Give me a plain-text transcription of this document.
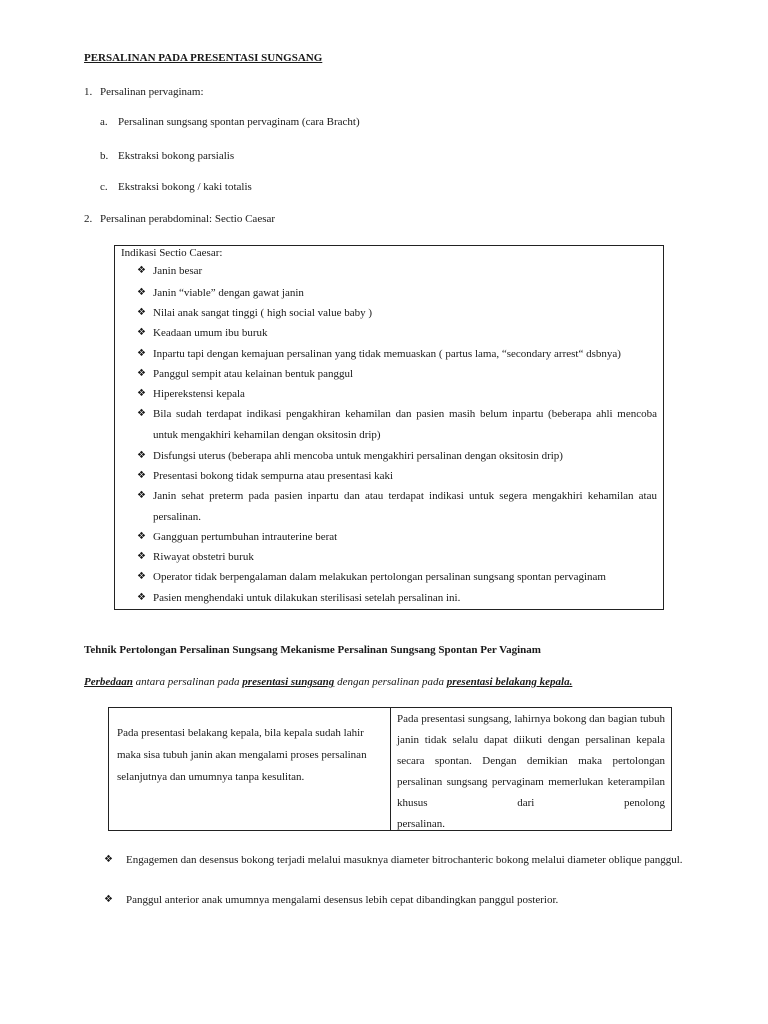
PERSALINAN PADA PRESENTASI SUNGSANG
1. Persalinan pervaginam:
a. Persalinan sungsang spontan pervaginam (cara Bracht)
b. Ekstraksi bokong parsialis
c. Ekstraksi bokong / kaki totalis
2. Persalinan perabdominal: Sectio Caesar
Indikasi Sectio Caesar:
❖ Janin besar
❖ Janin “viable” dengan gawat janin
❖ Nilai anak sangat tinggi ( high social value baby )
❖ Keadaan umum ibu buruk
❖ Inpartu tapi dengan kemajuan persalinan yang tidak memuaskan ( partus lama, “secondary arrest“ dsbnya)
❖ Panggul sempit atau kelainan bentuk panggul
❖ Hiperekstensi kepala
❖ Bila sudah terdapat indikasi pengakhiran kehamilan dan pasien masih belum inpartu (beberapa ahli mencoba untuk mengakhiri kehamilan dengan oksitosin drip)
❖ Disfungsi uterus (beberapa ahli mencoba untuk mengakhiri persalinan dengan oksitosin drip)
❖ Presentasi bokong tidak sempurna atau presentasi kaki
❖ Janin sehat preterm pada pasien inpartu dan atau terdapat indikasi untuk segera mengakhiri kehamilan atau persalinan.
❖ Gangguan pertumbuhan intrauterine berat
❖ Riwayat obstetri buruk
❖ Operator tidak berpengalaman dalam melakukan pertolongan persalinan sungsang spontan pervaginam
❖ Pasien menghendaki untuk dilakukan sterilisasi setelah persalinan ini.
Tehnik Pertolongan Persalinan Sungsang Mekanisme Persalinan Sungsang Spontan Per Vaginam
Perbedaan antara persalinan pada presentasi sungsang dengan persalinan pada presentasi belakang kepala.
Pada presentasi belakang kepala, bila kepala sudah lahir maka sisa tubuh janin akan mengalami proses persalinan selanjutnya dan umumnya tanpa kesulitan.
Pada presentasi sungsang, lahirnya bokong dan bagian tubuh janin tidak selalu dapat diikuti dengan persalinan kepala secara spontan. Dengan demikian maka pertolongan persalinan sungsang pervaginam memerlukan keterampilan khusus dari penolong
persalinan.
❖	Engagemen dan desensus bokong terjadi melalui masuknya diameter bitrochanteric bokong melalui diameter oblique panggul.
❖	Panggul anterior anak umumnya mengalami desensus lebih cepat dibandingkan panggul posterior.
